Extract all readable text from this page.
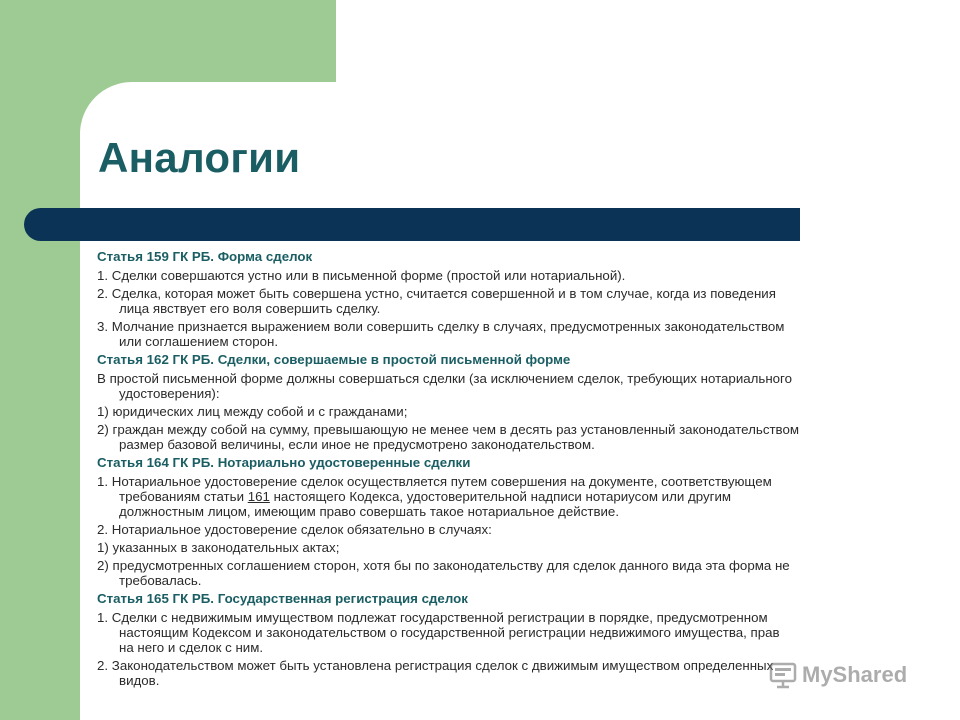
Аналогии

Статья 159 ГК РБ. Форма сделок

1. Сделки совершаются устно или в письменной форме (простой или нотариальной).

2. Сделка, которая может быть совершена устно, считается совершенной и в том случае, когда из поведения
лица явствует его воля совершить сделку.

3. Молчание признается выражением воли совершить сделку в случаях, предусмотренных законодательством
или соглашением сторон.

Статья 162 ГК РБ. Сделки, совершаемые в простой письменной форме

В простой письменной форме должны совершаться сделки (за исключением сделок, требующих нотариального
удостоверения):

1) юридических лиц между собой и с гражданами;

2) граждан между собой на сумму, превышающую не менее чем в десять раз установленный законодательством
размер базовой величины, если иное не предусмотрено законодательством.

Статья 164 ГК РБ. Нотариально удостоверенные сделки

1. Нотариальное удостоверение сделок осуществляется путем совершения на документе, соответствующем
требованиям статьи 161 настоящего Кодекса, удостоверительной надписи нотариусом или другим
должностным лицом, имеющим право совершать такое нотариальное действие.

2. Нотариальное удостоверение сделок обязательно в случаях:

1) указанных в законодательных актах;

2) предусмотренных соглашением сторон, хотя бы по законодательству для сделок данного вида эта форма не
требовалась.

Статья 165 ГК РБ. Государственная регистрация сделок

1. Сделки с недвижимым имуществом подлежат государственной регистрации в порядке, предусмотренном
настоящим Кодексом и законодательством о государственной регистрации недвижимого имущества, прав
на него и сделок с ним.

2. Законодательством может быть установлена регистрация сделок с движимым имуществом определенных
видов.	MyShared
